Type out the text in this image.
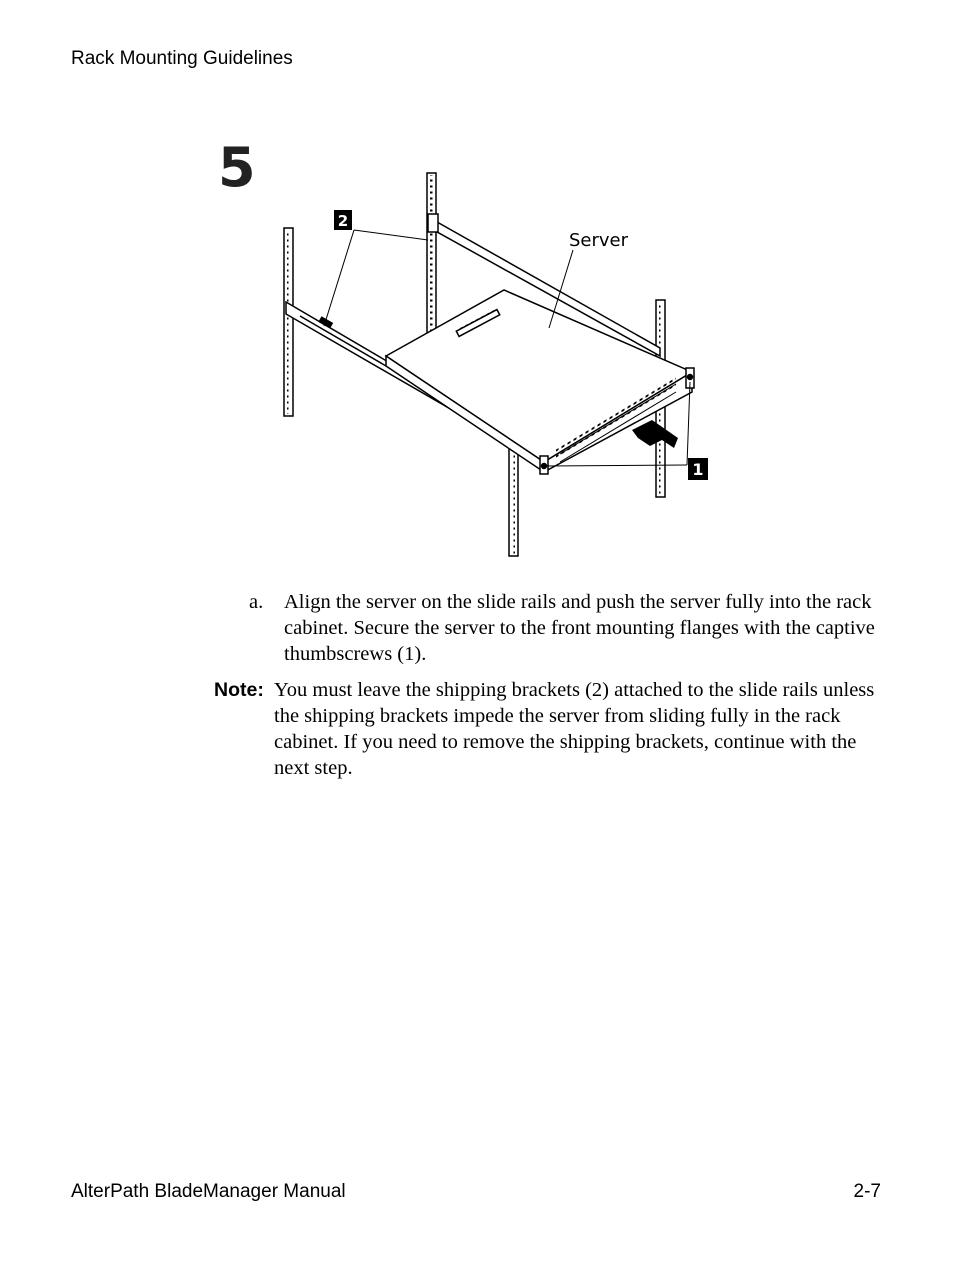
Rack Mounting Guidelines
5
2
1
Server
a. Align the server on the slide rails and push the server fully into the rack cabinet. Secure the server to the front mounting flanges with the captive thumbscrews (1).
Note: You must leave the shipping brackets (2) attached to the slide rails unless the shipping brackets impede the server from sliding fully in the rack cabinet. If you need to remove the shipping brackets, continue with the next step.
AlterPath BladeManager Manual	2-7
